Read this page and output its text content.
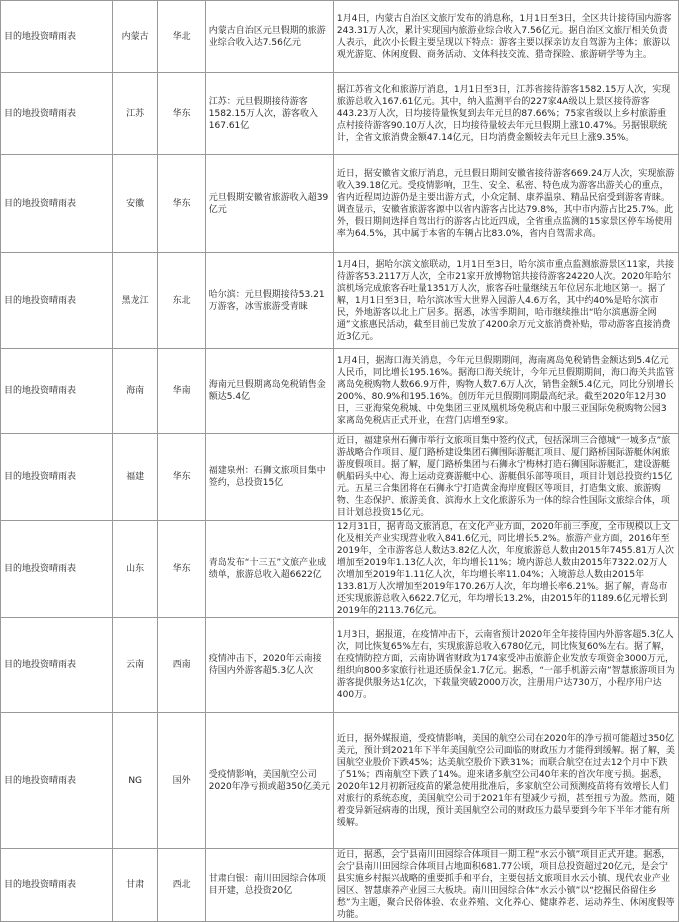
目的地投资晴雨表	内蒙古	华北	内蒙古自治区元旦假期的旅游业综合收入达7.56亿元	1月4日，内蒙古自治区文旅厅发布的消息称，1月1日至3日，全区共计接待国内游客243.31万人次，累计实现国内旅游业综合收入7.56亿元。据自治区文旅厅相关负责人表示，此次小长假主要呈现以下特点：游客主要以探亲访友自驾游为主体；旅游以观光游览、休闲度假、商务活动、文体科技交流、猎奇探险、旅游研学等为主。

目的地投资晴雨表	江苏	华东	江苏：元旦假期接待游客1582.15万人次，游客收入167.61亿	据江苏省文化和旅游厅消息，1月1日至3日，江苏省接待游客1582.15万人次，实现旅游总收入167.61亿元。其中，纳入监测平台的227家4A级以上景区接待游客443.23万人次，日均接待量恢复到去年元旦的87.66%；75家省级以上乡村旅游重点村接待游客90.10万人次，日均接待量较去年元旦假期上涨10.47%。另据银联统计，全省文旅消费金额47.14亿元，日均消费金额较去年元旦上涨9.35%。

目的地投资晴雨表	安徽	华东	元旦假期安徽省旅游收入超39亿元	近日，据安徽省文旅厅消息，元旦假日期间安徽省接待游客669.24万人次，实现旅游收入39.18亿元。受疫情影响，卫生、安全、私密、特色成为游客出游关心的重点，省内近程周边游仍是主要出游方式，小众定制、康养温泉、精品民宿受到游客青睐。调查显示，安徽省旅游客源中以省内游客占比达79.8%，其中市内游占比25.7%。此外，假日期间选择自驾出行的游客占比近四成，全省重点监测的15家景区停车场使用率为64.5%，其中属于本省的车辆占比83.0%，省内自驾需求高。

目的地投资晴雨表	黑龙江	东北	哈尔滨：元旦假期接待53.21万游客，冰雪旅游受青睐	1月4日，据哈尔滨文旅联动，1月1日至3日，哈尔滨市重点监测旅游景区11家，共接待游客53.2117万人次，全市21家开放博物馆共接待游客24220人次。2020年哈尔滨机场完成旅客吞吐量1351万人次，旅客吞吐量继续五年位居东北地区第一。据了解，1月1日至3日，哈尔滨冰雪大世界入园游人4.6万名，其中约40%是哈尔滨市民，外地游客以北上广居多。据悉，冰雪季期间，哈市继续推出“哈尔滨惠游全网通”文旅惠民活动，截至目前已发放了4200余万元文旅消费补贴，带动游客直接消费近3亿元。

目的地投资晴雨表	海南	华南	海南元旦假期离岛免税销售金额达5.4亿	1月4日，据海口海关消息，今年元旦假期期间，海南离岛免税销售金额达到5.4亿元人民币，同比增长195.16%。据海口海关统计，今年元旦假期期间，海口海关共监管离岛免税购物人数66.9万件，购物人数7.6万人次，销售金额5.4亿元，同比分别增长200%、80.9%和195.16%。创历年元旦假期同期最高纪录。截至2020年12月30日，三亚海棠免税城、中免集团三亚凤凰机场免税店和中服三亚国际免税购物公园3家离岛免税店正式开业，在营门店增至9家。

目的地投资晴雨表	福建	华东	福建泉州：石狮文旅项目集中签约，总投资15亿	近日，福建泉州石狮市举行文旅项目集中签约仪式，包括深圳三合德城“一城多点”旅游战略合作项目、厦门路桥建设集团石狮围际游艇汇项目、厦门路桥国际游艇休闲旅游度假项目。据了解，厦门路桥集团与石狮永宁梅林打造石狮国际游艇汇，建设游艇帆船码头中心、海上运动竞赛游艇中心、游艇俱乐部等项目，项目计划总投资约15亿元。五星三合集团将在石狮永宁打造黄金海岸度假区等项目，打造集文旅、旅游购物、生态保护、旅游美食、滨海水上文化旅游乐为一体的综合性国际文旅综合体，项目计划总投资15亿元。

目的地投资晴雨表	山东	华东	青岛发布“十三五”文旅产业成绩单，旅游总收入超6622亿	12月31日，据青岛文旅消息，在文化产业方面，2020年前三季度，全市规模以上文化及相关产业实现营业收入841.6亿元，同比增长5.2%。旅游产业方面，2016年至2019年，全市游客总人数达3.82亿人次，年度旅游总人数由2015年7455.81万人次增加至2019年1.13亿人次，年均增长11%；境内游总人数由2015年7322.02万人次增加至2019年1.11亿人次，年均增长率11.04%；入境游总人数由2015年133.81万人次增加至2019年170.26万人次，年均增长率6.21%。据了解，青岛市还实现旅游总收入6622.7亿元，年均增长13.2%，由2015年的1189.6亿元增长到2019年的2113.76亿元。

目的地投资晴雨表	云南	西南	疫情冲击下，2020年云南接待国内外游客超5.3亿人次	1月3日，据报道，在疫情冲击下，云南省预计2020年全年接待国内外游客超5.3亿人次，同比恢复65%左右，实现旅游总收入6780亿元，同比恢复60%左右。据了解，在疫情防控方面，云南协调省财政为174家受冲击旅游企业发放专项资金3000万元，组织向800多家旅行社退还质保金1.7亿元。据悉，“一部手机游云南”智慧旅游项目为游客提供服务达1亿次，下载量突破2000万次，注册用户达730万，小程序用户达400万。

目的地投资晴雨表	NG	国外	受疫情影响，美国航空公司2020年净亏损或超350亿美元	近日，据外媒报道，受疫情影响，美国的航空公司在2020年的净亏损可能超过350亿美元，预计到2021年下半年美国航空公司面临的财政压力才能得到缓解。据了解，美国航空业股价下跌45%；达美航空股价下跌31%；而联合航空在过去12个月中下跌了51%；西南航空下跌了14%。迎来诸多航空公司40年来的首次年度亏损。据悉，2020年12月初新冠疫苗的紧急使用批准后，多家航空公司预测疫苗将有效增长人们对旅行的系统态度，美国航空公司于2021年有望减少亏损，甚至扭亏为盈。然而，随着变异新冠病毒的出现，预计美国航空公司的财政压力最早要到今年下半年才能有所缓解。

目的地投资晴雨表	甘肃	西北	甘肃白银：南川田园综合体项目开建，总投资20亿	近日，据悉，会宁县南川田园综合体项目一期工程“水云小镇”项目正式开建。据悉，会宁县南川田园综合体项目占地面积681.77公顷，项目总投资超过20亿元，是会宁县实施乡村振兴战略的重要抓手和平台，主要包括文旅项目水云小镇、现代农业产业园区、智慧康养产业园三大板块。南川田园综合体“水云小镇”以“挖掘民俗留住乡愁”为主题，聚合民俗体验、农业养殖、文化养心、健康养老、运动养生、休闲度假等功能。
